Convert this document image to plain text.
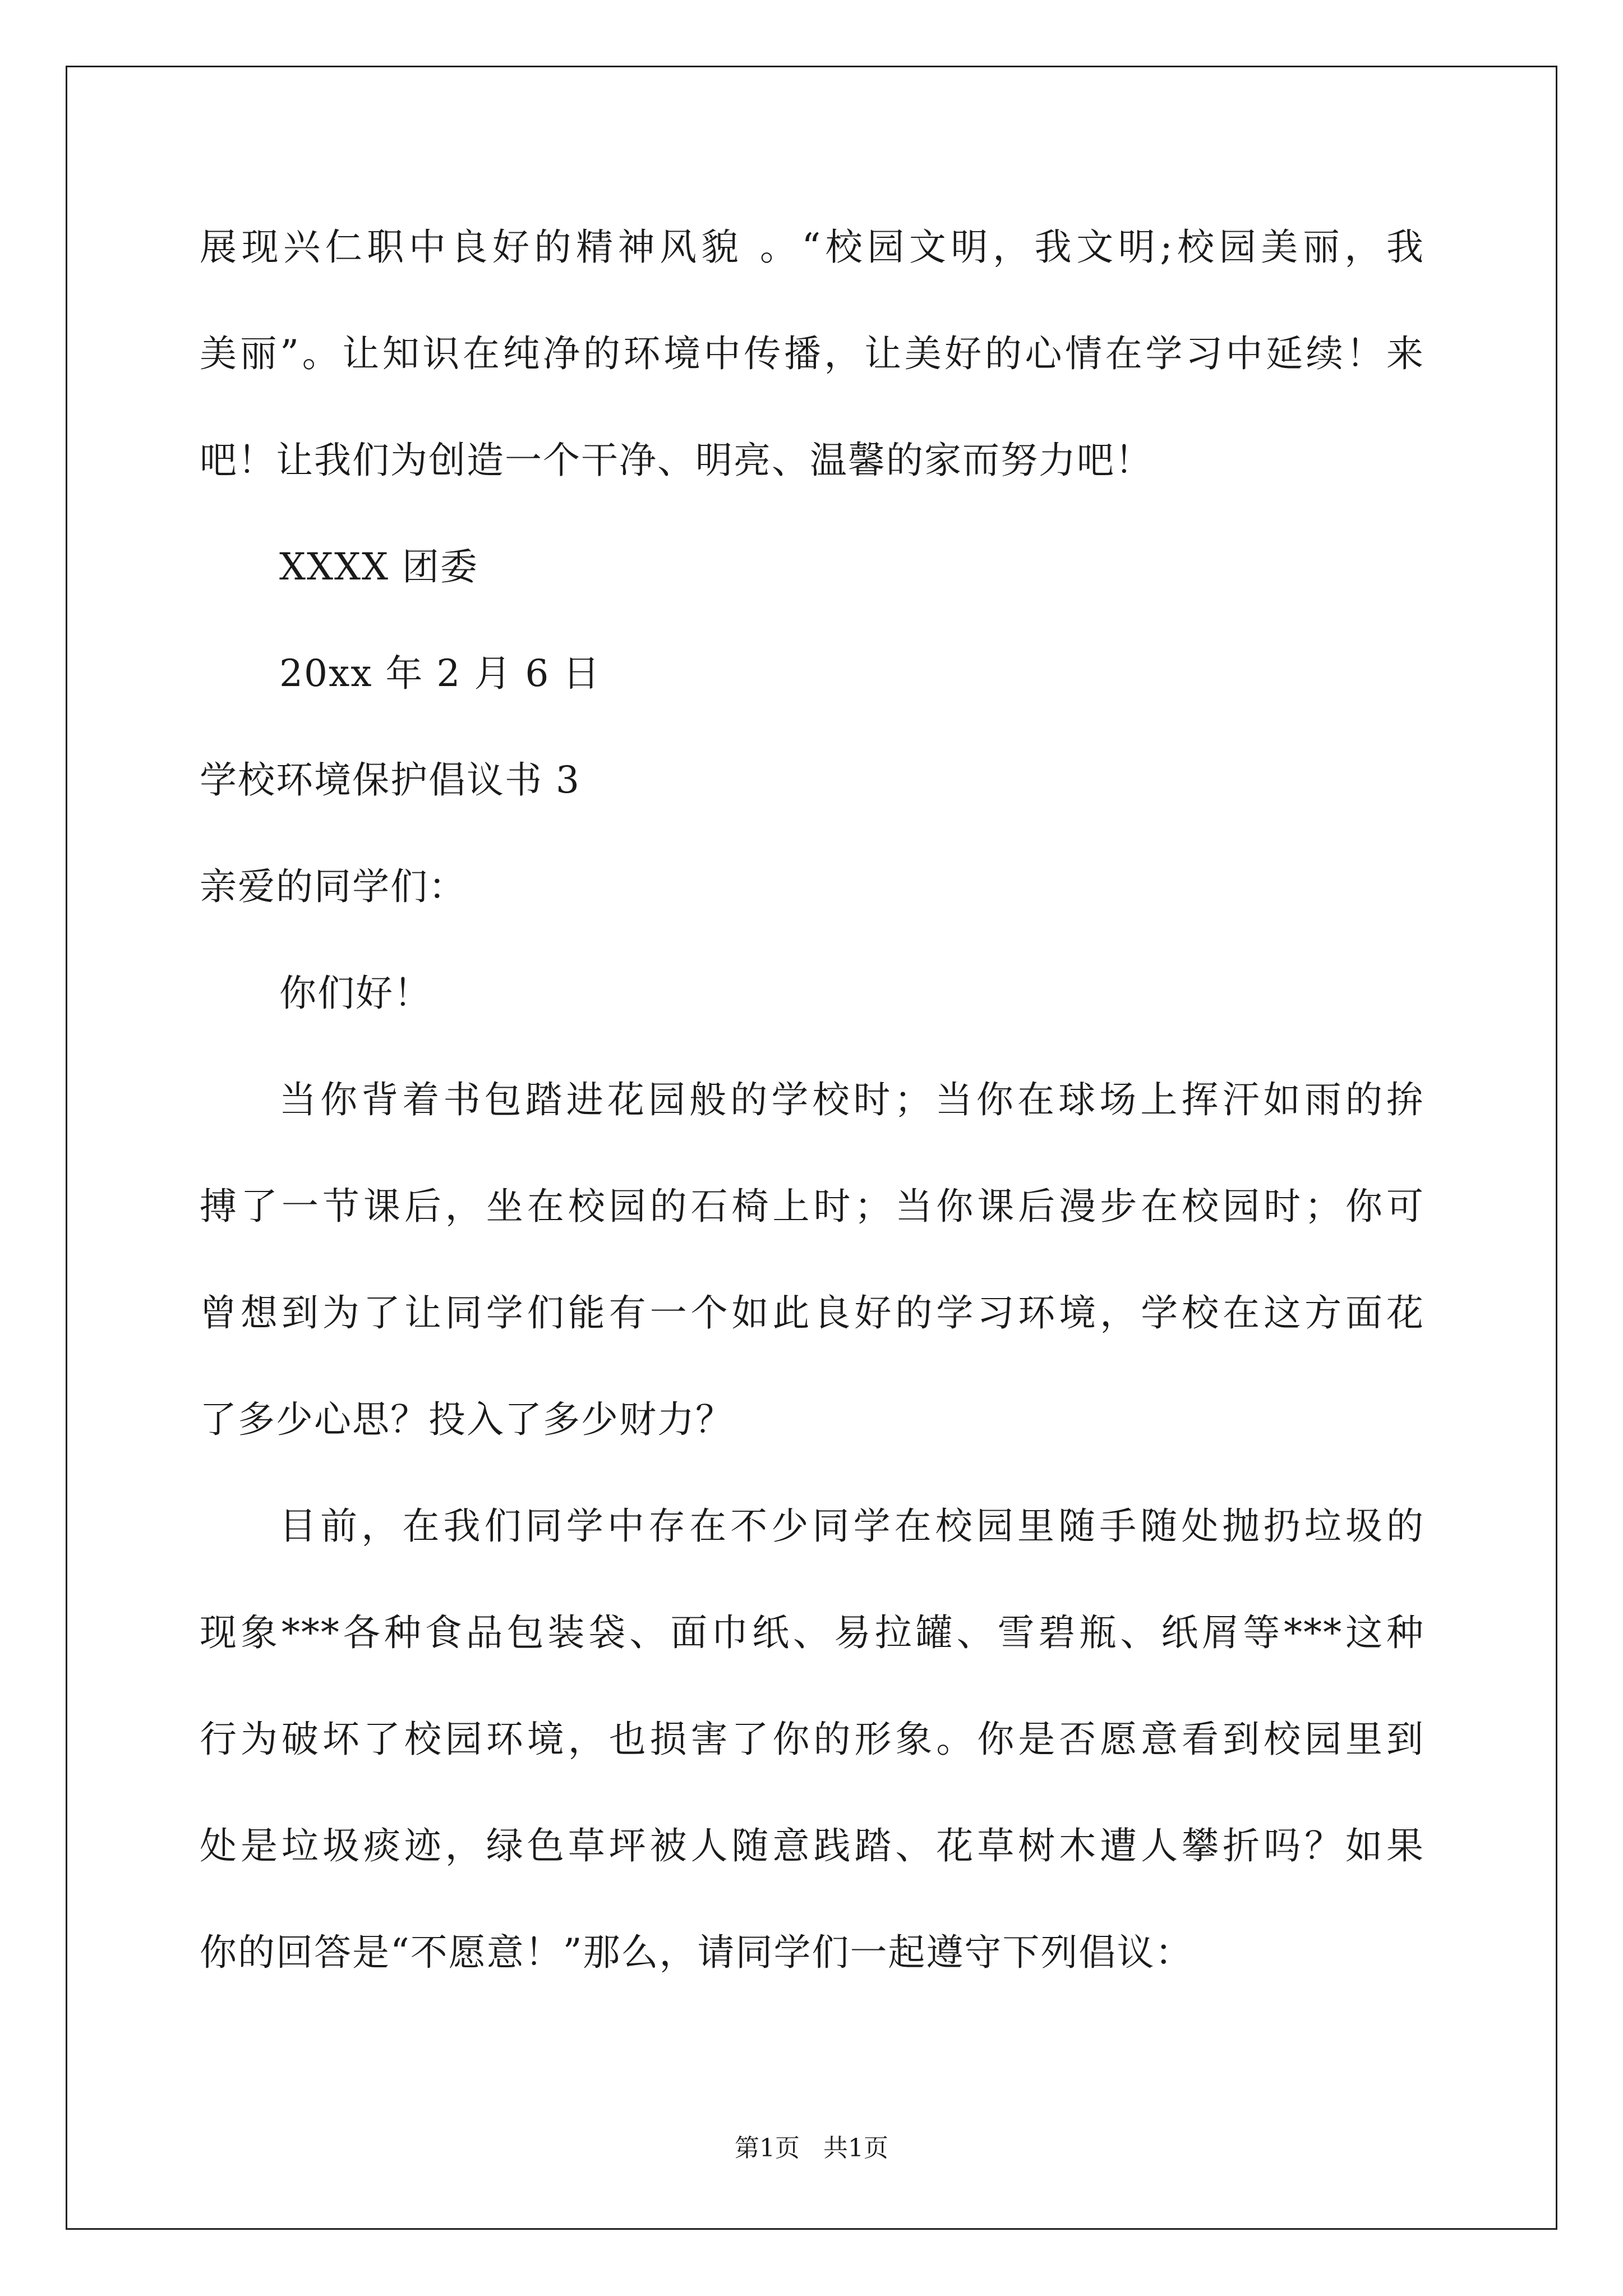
展现兴仁职中良好的精神风貌 。“校园文明，我文明;校园美丽，我
美丽”。让知识在纯净的环境中传播，让美好的心情在学习中延续！来
吧！让我们为创造一个干净、明亮、温馨的家而努力吧！
XXXX 团委
20xx 年 2 月 6 日
学校环境保护倡议书 3
亲爱的同学们：
你们好！
当你背着书包踏进花园般的学校时；当你在球场上挥汗如雨的拚
搏了一节课后，坐在校园的石椅上时；当你课后漫步在校园时；你可
曾想到为了让同学们能有一个如此良好的学习环境，学校在这方面花
了多少心思？投入了多少财力？
目前，在我们同学中存在不少同学在校园里随手随处抛扔垃圾的
现象***各种食品包装袋、面巾纸、易拉罐、雪碧瓶、纸屑等***这种
行为破坏了校园环境，也损害了你的形象。你是否愿意看到校园里到
处是垃圾痰迹，绿色草坪被人随意践踏、花草树木遭人攀折吗？如果
你的回答是“不愿意！”那么，请同学们一起遵守下列倡议：
第1页   共1页
